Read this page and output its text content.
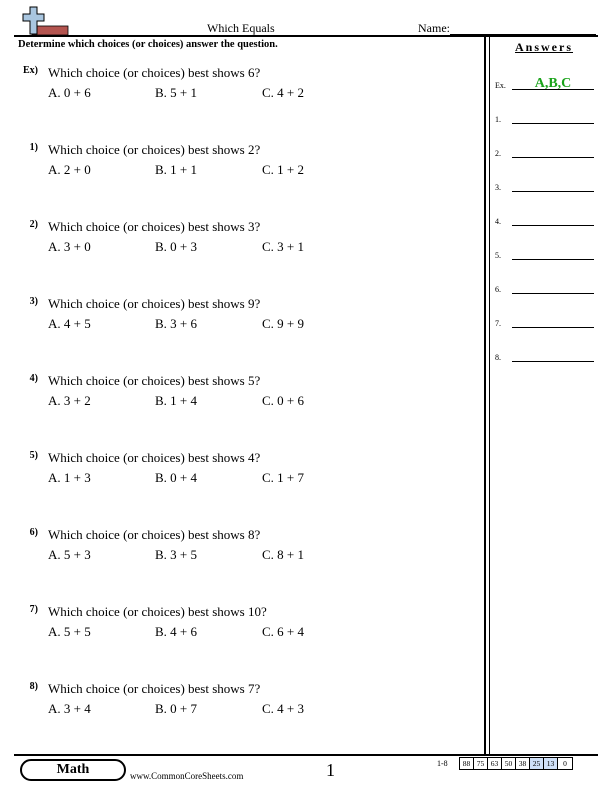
Which Equals	Name:
Determine which choices (or choices) answer the question.	Answers
Ex.	A,B,C
1.
2.
3.
4.
5.
6.
7.
8.
Ex) Which choice (or choices) best shows 6?
A. 0 + 6	B. 5 + 1	C. 4 + 2
1) Which choice (or choices) best shows 2?
A. 2 + 0	B. 1 + 1	C. 1 + 2
2) Which choice (or choices) best shows 3?
A. 3 + 0	B. 0 + 3	C. 3 + 1
3) Which choice (or choices) best shows 9?
A. 4 + 5	B. 3 + 6	C. 9 + 9
4) Which choice (or choices) best shows 5?
A. 3 + 2	B. 1 + 4	C. 0 + 6
5) Which choice (or choices) best shows 4?
A. 1 + 3	B. 0 + 4	C. 1 + 7
6) Which choice (or choices) best shows 8?
A. 5 + 3	B. 3 + 5	C. 8 + 1
7) Which choice (or choices) best shows 10?
A. 5 + 5	B. 4 + 6	C. 6 + 4
8) Which choice (or choices) best shows 7?
A. 3 + 4	B. 0 + 7	C. 4 + 3
Math	www.CommonCoreSheets.com	1	1-8	88 75 63 50 38 25 13	0
